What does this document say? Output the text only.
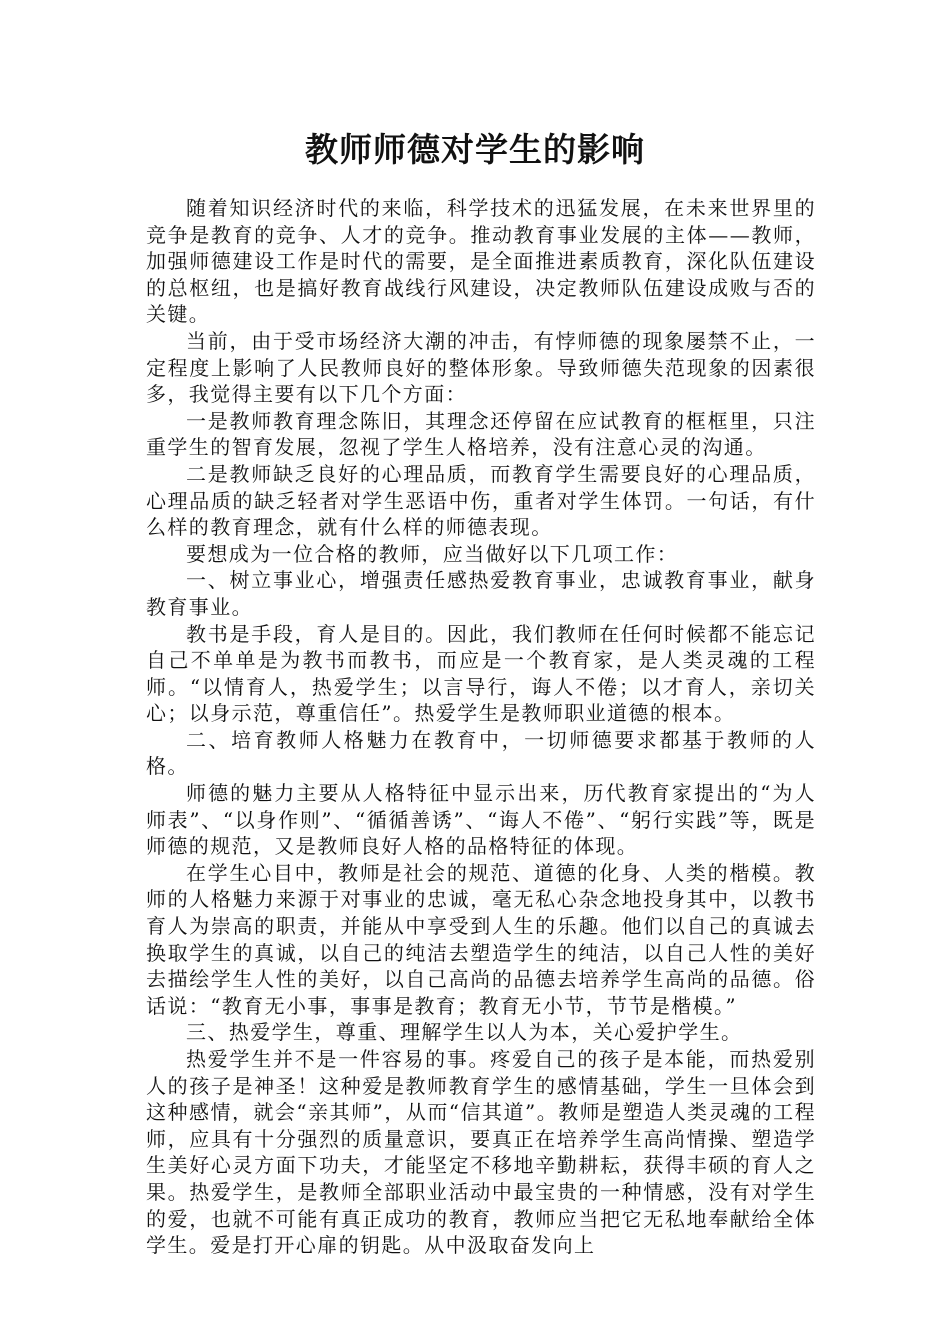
教师师德对学生的影响

随着知识经济时代的来临，科学技术的迅猛发展，在未来世界里的竞争是教育的竞争、人才的竞争。推动教育事业发展的主体——教师，加强师德建设工作是时代的需要，是全面推进素质教育，深化队伍建设的总枢纽，也是搞好教育战线行风建设，决定教师队伍建设成败与否的关键。

当前，由于受市场经济大潮的冲击，有悖师德的现象屡禁不止，一定程度上影响了人民教师良好的整体形象。导致师德失范现象的因素很多，我觉得主要有以下几个方面：

一是教师教育理念陈旧，其理念还停留在应试教育的框框里，只注重学生的智育发展，忽视了学生人格培养，没有注意心灵的沟通。

二是教师缺乏良好的心理品质，而教育学生需要良好的心理品质，心理品质的缺乏轻者对学生恶语中伤，重者对学生体罚。一句话，有什么样的教育理念，就有什么样的师德表现。

要想成为一位合格的教师，应当做好以下几项工作：

一、树立事业心，增强责任感热爱教育事业，忠诚教育事业，献身教育事业。

教书是手段，育人是目的。因此，我们教师在任何时候都不能忘记自己不单单是为教书而教书，而应是一个教育家，是人类灵魂的工程师。“以情育人，热爱学生；以言导行，诲人不倦；以才育人，亲切关心；以身示范，尊重信任”。热爱学生是教师职业道德的根本。

二、培育教师人格魅力在教育中，一切师德要求都基于教师的人格。

师德的魅力主要从人格特征中显示出来，历代教育家提出的“为人师表”、“以身作则”、“循循善诱”、“诲人不倦”、“躬行实践”等，既是师德的规范，又是教师良好人格的品格特征的体现。

在学生心目中，教师是社会的规范、道德的化身、人类的楷模。教师的人格魅力来源于对事业的忠诚，毫无私心杂念地投身其中，以教书育人为崇高的职责，并能从中享受到人生的乐趣。他们以自己的真诚去换取学生的真诚，以自己的纯洁去塑造学生的纯洁，以自己人性的美好去描绘学生人性的美好，以自己高尚的品德去培养学生高尚的品德。俗话说：“教育无小事，事事是教育；教育无小节，节节是楷模。”

三、热爱学生，尊重、理解学生以人为本，关心爱护学生。

热爱学生并不是一件容易的事。疼爱自己的孩子是本能，而热爱别人的孩子是神圣！这种爱是教师教育学生的感情基础，学生一旦体会到这种感情，就会“亲其师”，从而“信其道”。教师是塑造人类灵魂的工程师，应具有十分强烈的质量意识，要真正在培养学生高尚情操、塑造学生美好心灵方面下功夫，才能坚定不移地辛勤耕耘，获得丰硕的育人之果。热爱学生，是教师全部职业活动中最宝贵的一种情感，没有对学生的爱，也就不可能有真正成功的教育，教师应当把它无私地奉献给全体学生。爱是打开心扉的钥匙。从中汲取奋发向上
